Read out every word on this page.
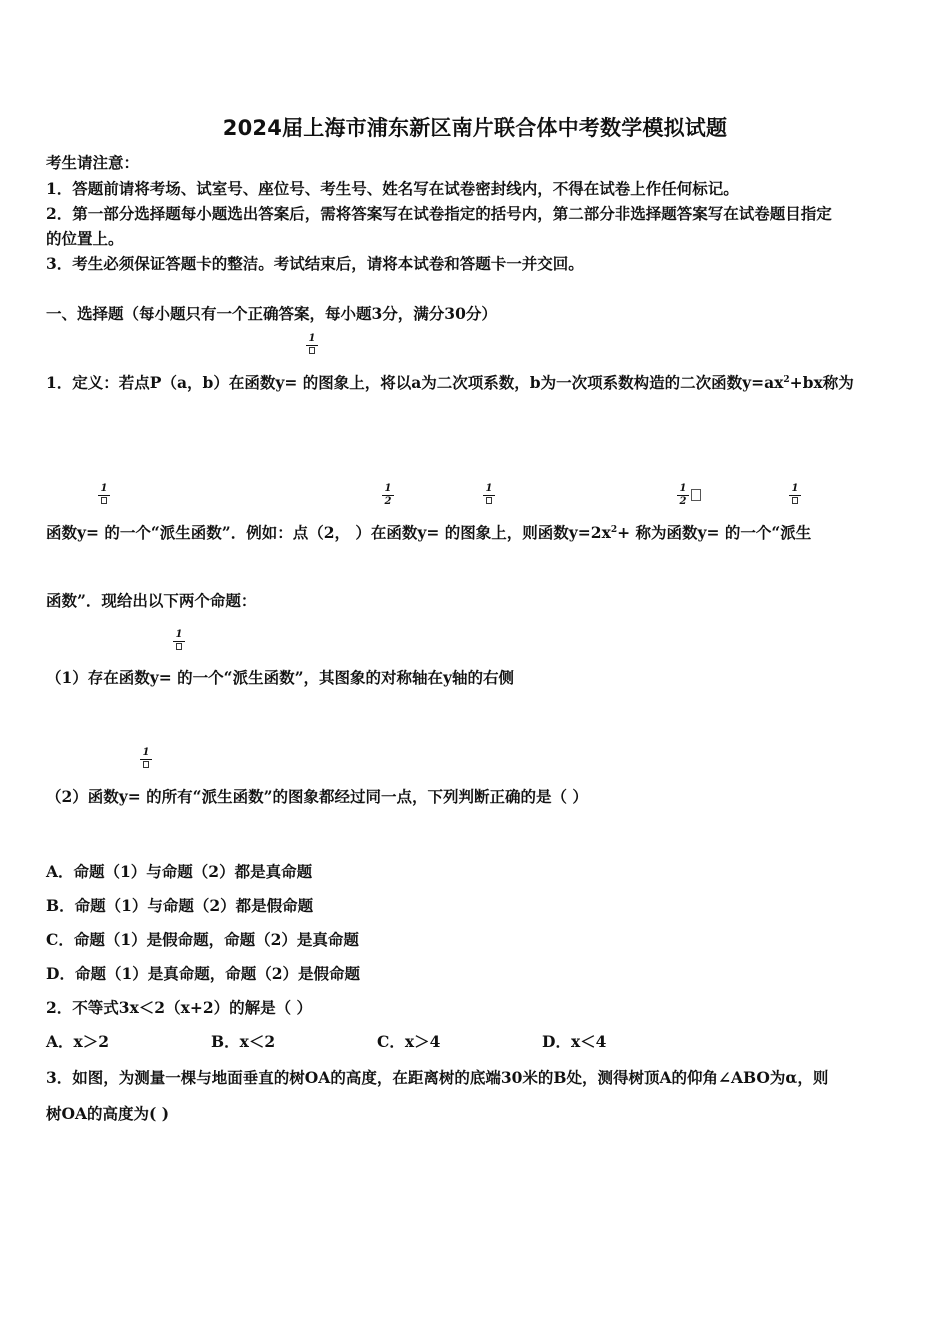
2024届上海市浦东新区南片联合体中考数学模拟试题
考生请注意：
1．答题前请将考场、试室号、座位号、考生号、姓名写在试卷密封线内，不得在试卷上作任何标记。
2．第一部分选择题每小题选出答案后，需将答案写在试卷指定的括号内，第二部分非选择题答案写在试卷题目指定
的位置上。
3．考生必须保证答题卡的整洁。考试结束后，请将本试卷和答题卡一并交回。
一、选择题（每小题只有一个正确答案，每小题3分，满分30分）
1
1．定义：若点P（a，b）在函数y= 的图象上，将以a为二次项系数，b为一次项系数构造的二次函数$y=ax^2+bx$称为
1	1
2
1	1
2
1
函数y= 的一个“派生函数”．例如：点（2， ）在函数y= 的图象上，则函数$y=2x^2+$ 称为函数y= 的一个“派生
函数”．现给出以下两个命题：
1
（1）存在函数y= 的一个“派生函数”，其图象的对称轴在y轴的右侧
1
（2）函数y= 的所有“派生函数”的图象都经过同一点，下列判断正确的是（ ）
A．命题（1）与命题（2）都是真命题
B．命题（1）与命题（2）都是假命题
C．命题（1）是假命题，命题（2）是真命题
D．命题（1）是真命题，命题（2）是假命题
2．不等式3x＜2（x+2）的解是（ ）
A．x＞2	B．x＜2	C．x＞4	D．x＜4
3．如图，为测量一棵与地面垂直的树OA的高度，在距离树的底端30米的B处，测得树顶A的仰角∠ABO为α，则
树OA的高度为( )
